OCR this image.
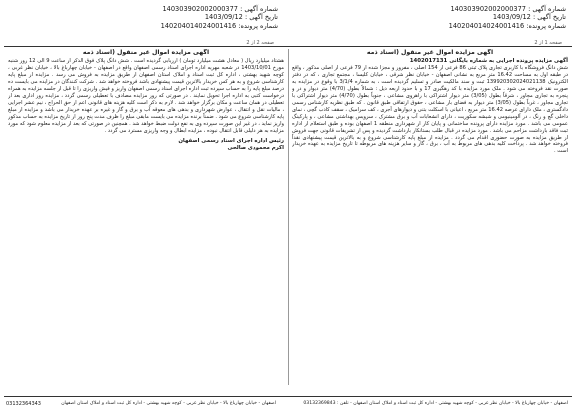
شماره آگهی : 140303902002000377
تاریخ آگهی : 1403/09/12
شماره پرونده: 140204014024001416
شماره آگهی : 140303902002000377
تاریخ آگهی : 1403/09/12
شماره پرونده: 140204014024001416
صفحه 1 از 2
صفحه 2 از 2
آگهی مزایده اموال غیر منقول (اسناد ذمه
آگهی مزایده پرونده اجرایی به شماره بایگانی 1402017131
شش دانگ فروشگاه با کاربری تجاری پلاک ثبتی 86 فرعی از 154 اصلی ، مفروز و مجزا شده از 79 فرعی از اصلی مذکور ، واقع در طبقه اول به مساحت 16.42 متر مربع به نشانی اصفهان - خیابان نظر شرقی ، خیابان کلیسا ، مجتمع تجاری ، که در دفتر الکترونیک 139920302024021138 ثبت و سند مالکیت صادر و تسلیم گردیده است ، به شماره 3/1/4 با وقوع در مزایده به صورت نقد فروخته می شود . ملک مورد مزایده با کد رهگیری 17 و با حدود اربعه ذیل : شمالاً بطول (4/70) متر دیوار و در و پنجره به تجاری مجاور ، شرقاً بطول (3/05) متر دیوار اشتراکی با راهروی مشاعی ، جنوباً بطول (4/70) متر دیوار اشتراکی با تجاری مجاور ، غرباً بطول (3/05) متر دیوار به فضای باز مشاعی ، حقوق ارتفاقی طبق قانون . که طبق نظریه کارشناس رسمی دادگستری ، ملک دارای عرصه 16.42 متر مربع ، اعیانی با اسکلت بتنی و دیوارهای آجری ، کف سرامیک ، سقف کاذب گچی ، نمای داخلی گچ و رنگ ، در آلومینیومی و شیشه سکوریت ، دارای انشعابات آب و برق مشترک ، سرویس بهداشتی مشاعی ، و پارکینگ عمومی می باشد . مورد مزایده دارای پرونده ساختمانی و پایان کار از شهرداری منطقه 1 اصفهان بوده و طبق استعلام از اداره ثبت فاقد بازداشت مزاحم می باشد . مورد مزایده در قبال طلب بستانکار بازداشت گردیده و پس از تشریفات قانونی جهت فروش از طریق مزایده به صورت حضوری اقدام می گردد . مزایده از مبلغ پایه کارشناسی شروع و به بالاترین قیمت پیشنهادی نقداً فروخته خواهد شد . پرداخت کلیه بدهی های مربوط به آب ، برق ، گاز و سایر هزینه های مربوطه تا تاریخ مزایده به عهده خریدار است .
آگهی مزایده اموال غیر منقول (اسناد ذمه
هشتاد میلیارد ریال ( معادل هشت میلیارد تومان ) ارزیابی گردیده است . شش دانگ پلاک فوق الذکر از ساعت 9 الی 12 روز شنبه مورخ 1403/10/01 در شعبه مهریه اداره اجرای اسناد رسمی اصفهان واقع در اصفهان - خیابان چهارباغ بالا ، خیابان نظر غربی ، کوچه شهید بهشتی ، اداره کل ثبت اسناد و املاک استان اصفهان از طریق مزایده به فروش می رسد . مزایده از مبلغ پایه کارشناسی شروع و به هر کس خریدار بالاترین قیمت پیشنهادی باشد فروخته خواهد شد . شرکت کنندگان در مزایده می بایست ده درصد مبلغ پایه را به حساب سپرده ثبت اداره اجرای اسناد رسمی اصفهان واریز و فیش واریزی را تا قبل از جلسه مزایده به همراه درخواست کتبی به اداره اجرا تحویل نمایند . در صورتی که روز مزایده مصادف با تعطیلی رسمی گردد ، مزایده روز اداری بعد از تعطیلی در همان ساعت و مکان برگزار خواهد شد . لازم به ذکر است کلیه هزینه های قانونی اعم از حق الحراج ، نیم عشر اجرایی ، مالیات نقل و انتقال ، عوارض شهرداری و بدهی های معوقه آب و برق و گاز و غیره بر عهده خریدار می باشد و مزایده از مبلغ پایه کارشناسی شروع می شود . ضمناً برنده مزایده می بایست مابقی مبلغ را ظرف مدت پنج روز از تاریخ مزایده به حساب مذکور واریز نماید ، در غیر این صورت سپرده وی به نفع دولت ضبط خواهد شد . همچنین در صورتی که بعد از مزایده معلوم شود که مورد مزایده به هر دلیلی قابل انتقال نبوده ، مزایده ابطال و وجه واریزی مسترد می گردد .
رئیس اداره اجرای اسناد رسمی اصفهان
اکرم محمودی صالحی
اصفهان - خیابان چهارباغ بالا - خیابان نظر غربی - کوچه شهید بهشتی - اداره کل ثبت اسناد و املاک استان اصفهان - تلفن : 03132369843
اصفهان - خیابان چهارباغ بالا - خیابان نظر غربی - کوچه شهید بهشتی - اداره کل ثبت اسناد و املاک استان اصفهان
03132364343
